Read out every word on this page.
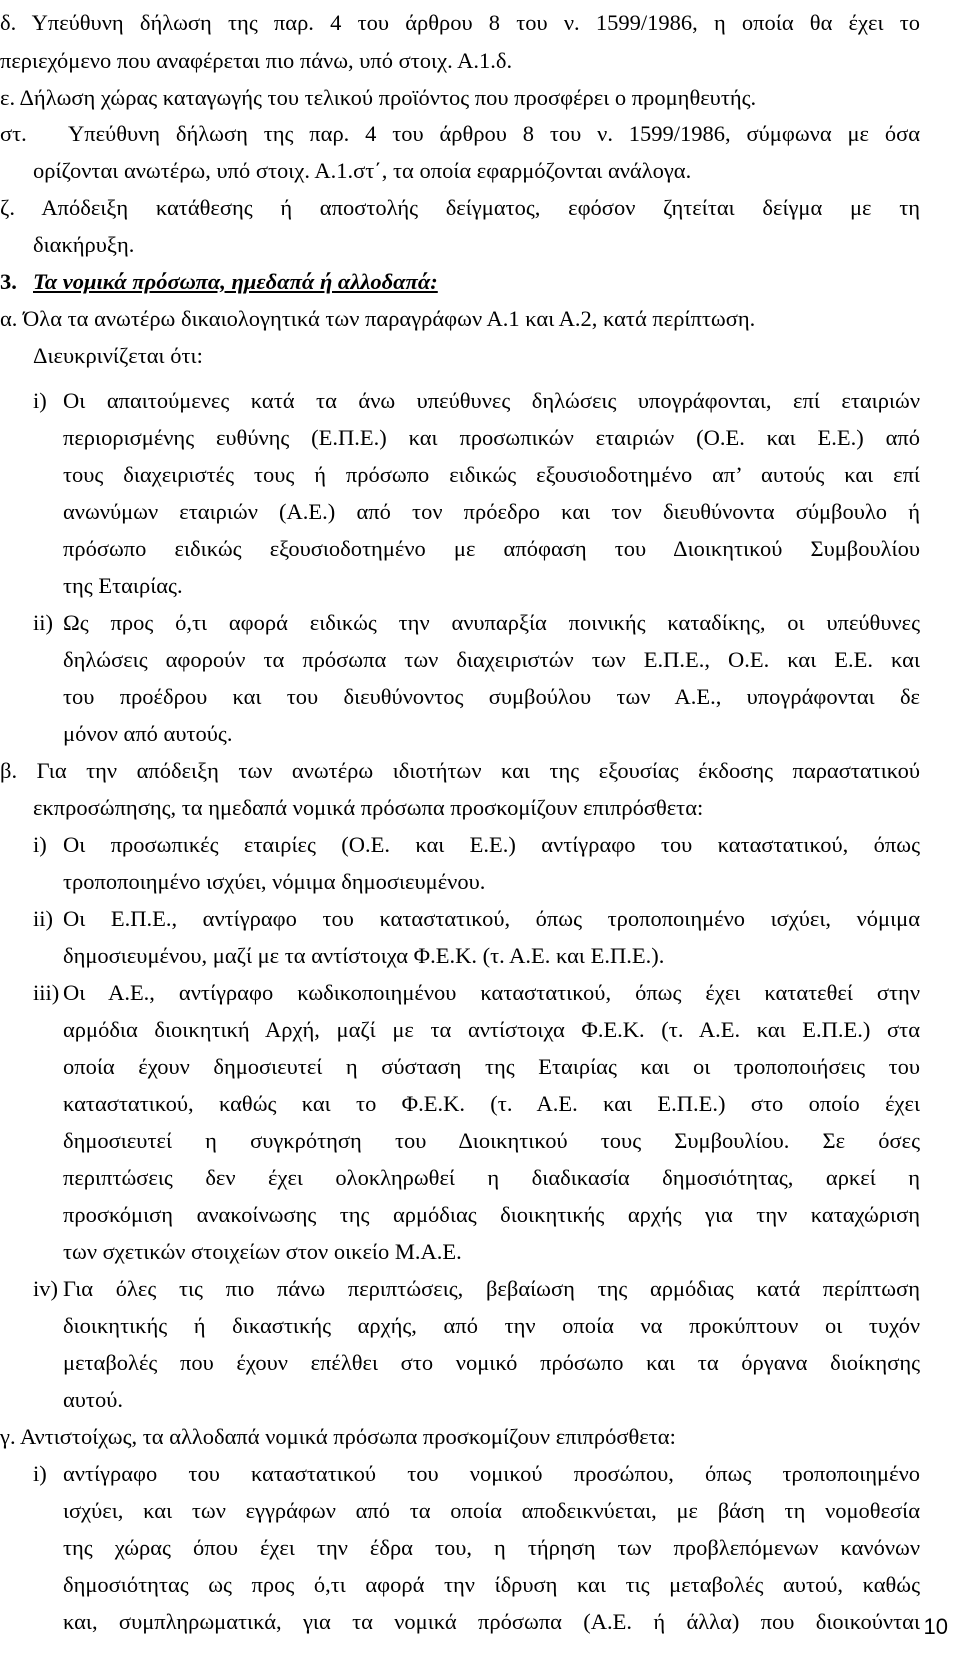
δ. Υπεύθυνη δήλωση της παρ. 4 του άρθρου 8 του ν. 1599/1986, η οποία θα έχει το
περιεχόμενο που αναφέρεται πιο πάνω, υπό στοιχ. Α.1.δ.
ε. Δήλωση χώρας καταγωγής του τελικού προϊόντος που προσφέρει ο προμηθευτής.
στ. Υπεύθυνη δήλωση της παρ. 4 του άρθρου 8 του ν. 1599/1986, σύμφωνα με όσα
ορίζονται ανωτέρω, υπό στοιχ. Α.1.στ΄, τα οποία εφαρμόζονται ανάλογα.
ζ. Απόδειξη κατάθεσης ή αποστολής δείγματος, εφόσον ζητείται δείγμα με τη
διακήρυξη.
3. Τα νομικά πρόσωπα, ημεδαπά ή αλλοδαπά:
α. Όλα τα ανωτέρω δικαιολογητικά των παραγράφων Α.1 και Α.2, κατά περίπτωση.
Διευκρινίζεται ότι:
i) Οι απαιτούμενες κατά τα άνω υπεύθυνες δηλώσεις υπογράφονται, επί εταιριών
περιορισμένης ευθύνης (Ε.Π.Ε.) και προσωπικών εταιριών (Ο.Ε. και Ε.Ε.) από
τους διαχειριστές τους ή πρόσωπο ειδικώς εξουσιοδοτημένο απ’ αυτούς και επί
ανωνύμων εταιριών (Α.Ε.) από τον πρόεδρο και τον διευθύνοντα σύμβουλο ή
πρόσωπο ειδικώς εξουσιοδοτημένο με απόφαση του Διοικητικού Συμβουλίου
της Εταιρίας.
ii) Ως προς ό,τι αφορά ειδικώς την ανυπαρξία ποινικής καταδίκης, οι υπεύθυνες
δηλώσεις αφορούν τα πρόσωπα των διαχειριστών των Ε.Π.Ε., Ο.Ε. και Ε.Ε. και
του προέδρου και του διευθύνοντος συμβούλου των Α.Ε., υπογράφονται δε
μόνον από αυτούς.
β. Για την απόδειξη των ανωτέρω ιδιοτήτων και της εξουσίας έκδοσης παραστατικού
εκπροσώπησης, τα ημεδαπά νομικά πρόσωπα προσκομίζουν επιπρόσθετα:
i) Οι προσωπικές εταιρίες (Ο.Ε. και Ε.Ε.) αντίγραφο του καταστατικού, όπως
τροποποιημένο ισχύει, νόμιμα δημοσιευμένου.
ii) Οι Ε.Π.Ε., αντίγραφο του καταστατικού, όπως τροποποιημένο ισχύει, νόμιμα
δημοσιευμένου, μαζί με τα αντίστοιχα Φ.Ε.Κ. (τ. Α.Ε. και Ε.Π.Ε.).
iii) Οι Α.Ε., αντίγραφο κωδικοποιημένου καταστατικού, όπως έχει κατατεθεί στην
αρμόδια διοικητική Αρχή, μαζί με τα αντίστοιχα Φ.Ε.Κ. (τ. Α.Ε. και Ε.Π.Ε.) στα
οποία έχουν δημοσιευτεί η σύσταση της Εταιρίας και οι τροποποιήσεις του
καταστατικού, καθώς και το Φ.Ε.Κ. (τ. Α.Ε. και Ε.Π.Ε.) στο οποίο έχει
δημοσιευτεί η συγκρότηση του Διοικητικού τους Συμβουλίου. Σε όσες
περιπτώσεις δεν έχει ολοκληρωθεί η διαδικασία δημοσιότητας, αρκεί η
προσκόμιση ανακοίνωσης της αρμόδιας διοικητικής αρχής για την καταχώριση
των σχετικών στοιχείων στον οικείο Μ.Α.Ε.
iv) Για όλες τις πιο πάνω περιπτώσεις, βεβαίωση της αρμόδιας κατά περίπτωση
διοικητικής ή δικαστικής αρχής, από την οποία να προκύπτουν οι τυχόν
μεταβολές που έχουν επέλθει στο νομικό πρόσωπο και τα όργανα διοίκησης
αυτού.
γ. Αντιστοίχως, τα αλλοδαπά νομικά πρόσωπα προσκομίζουν επιπρόσθετα:
i) αντίγραφο του καταστατικού του νομικού προσώπου, όπως τροποποιημένο
ισχύει, και των εγγράφων από τα οποία αποδεικνύεται, με βάση τη νομοθεσία
της χώρας όπου έχει την έδρα του, η τήρηση των προβλεπόμενων κανόνων
δημοσιότητας ως προς ό,τι αφορά την ίδρυση και τις μεταβολές αυτού, καθώς
και, συμπληρωματικά, για τα νομικά πρόσωπα (Α.Ε. ή άλλα) που διοικούνται 10
